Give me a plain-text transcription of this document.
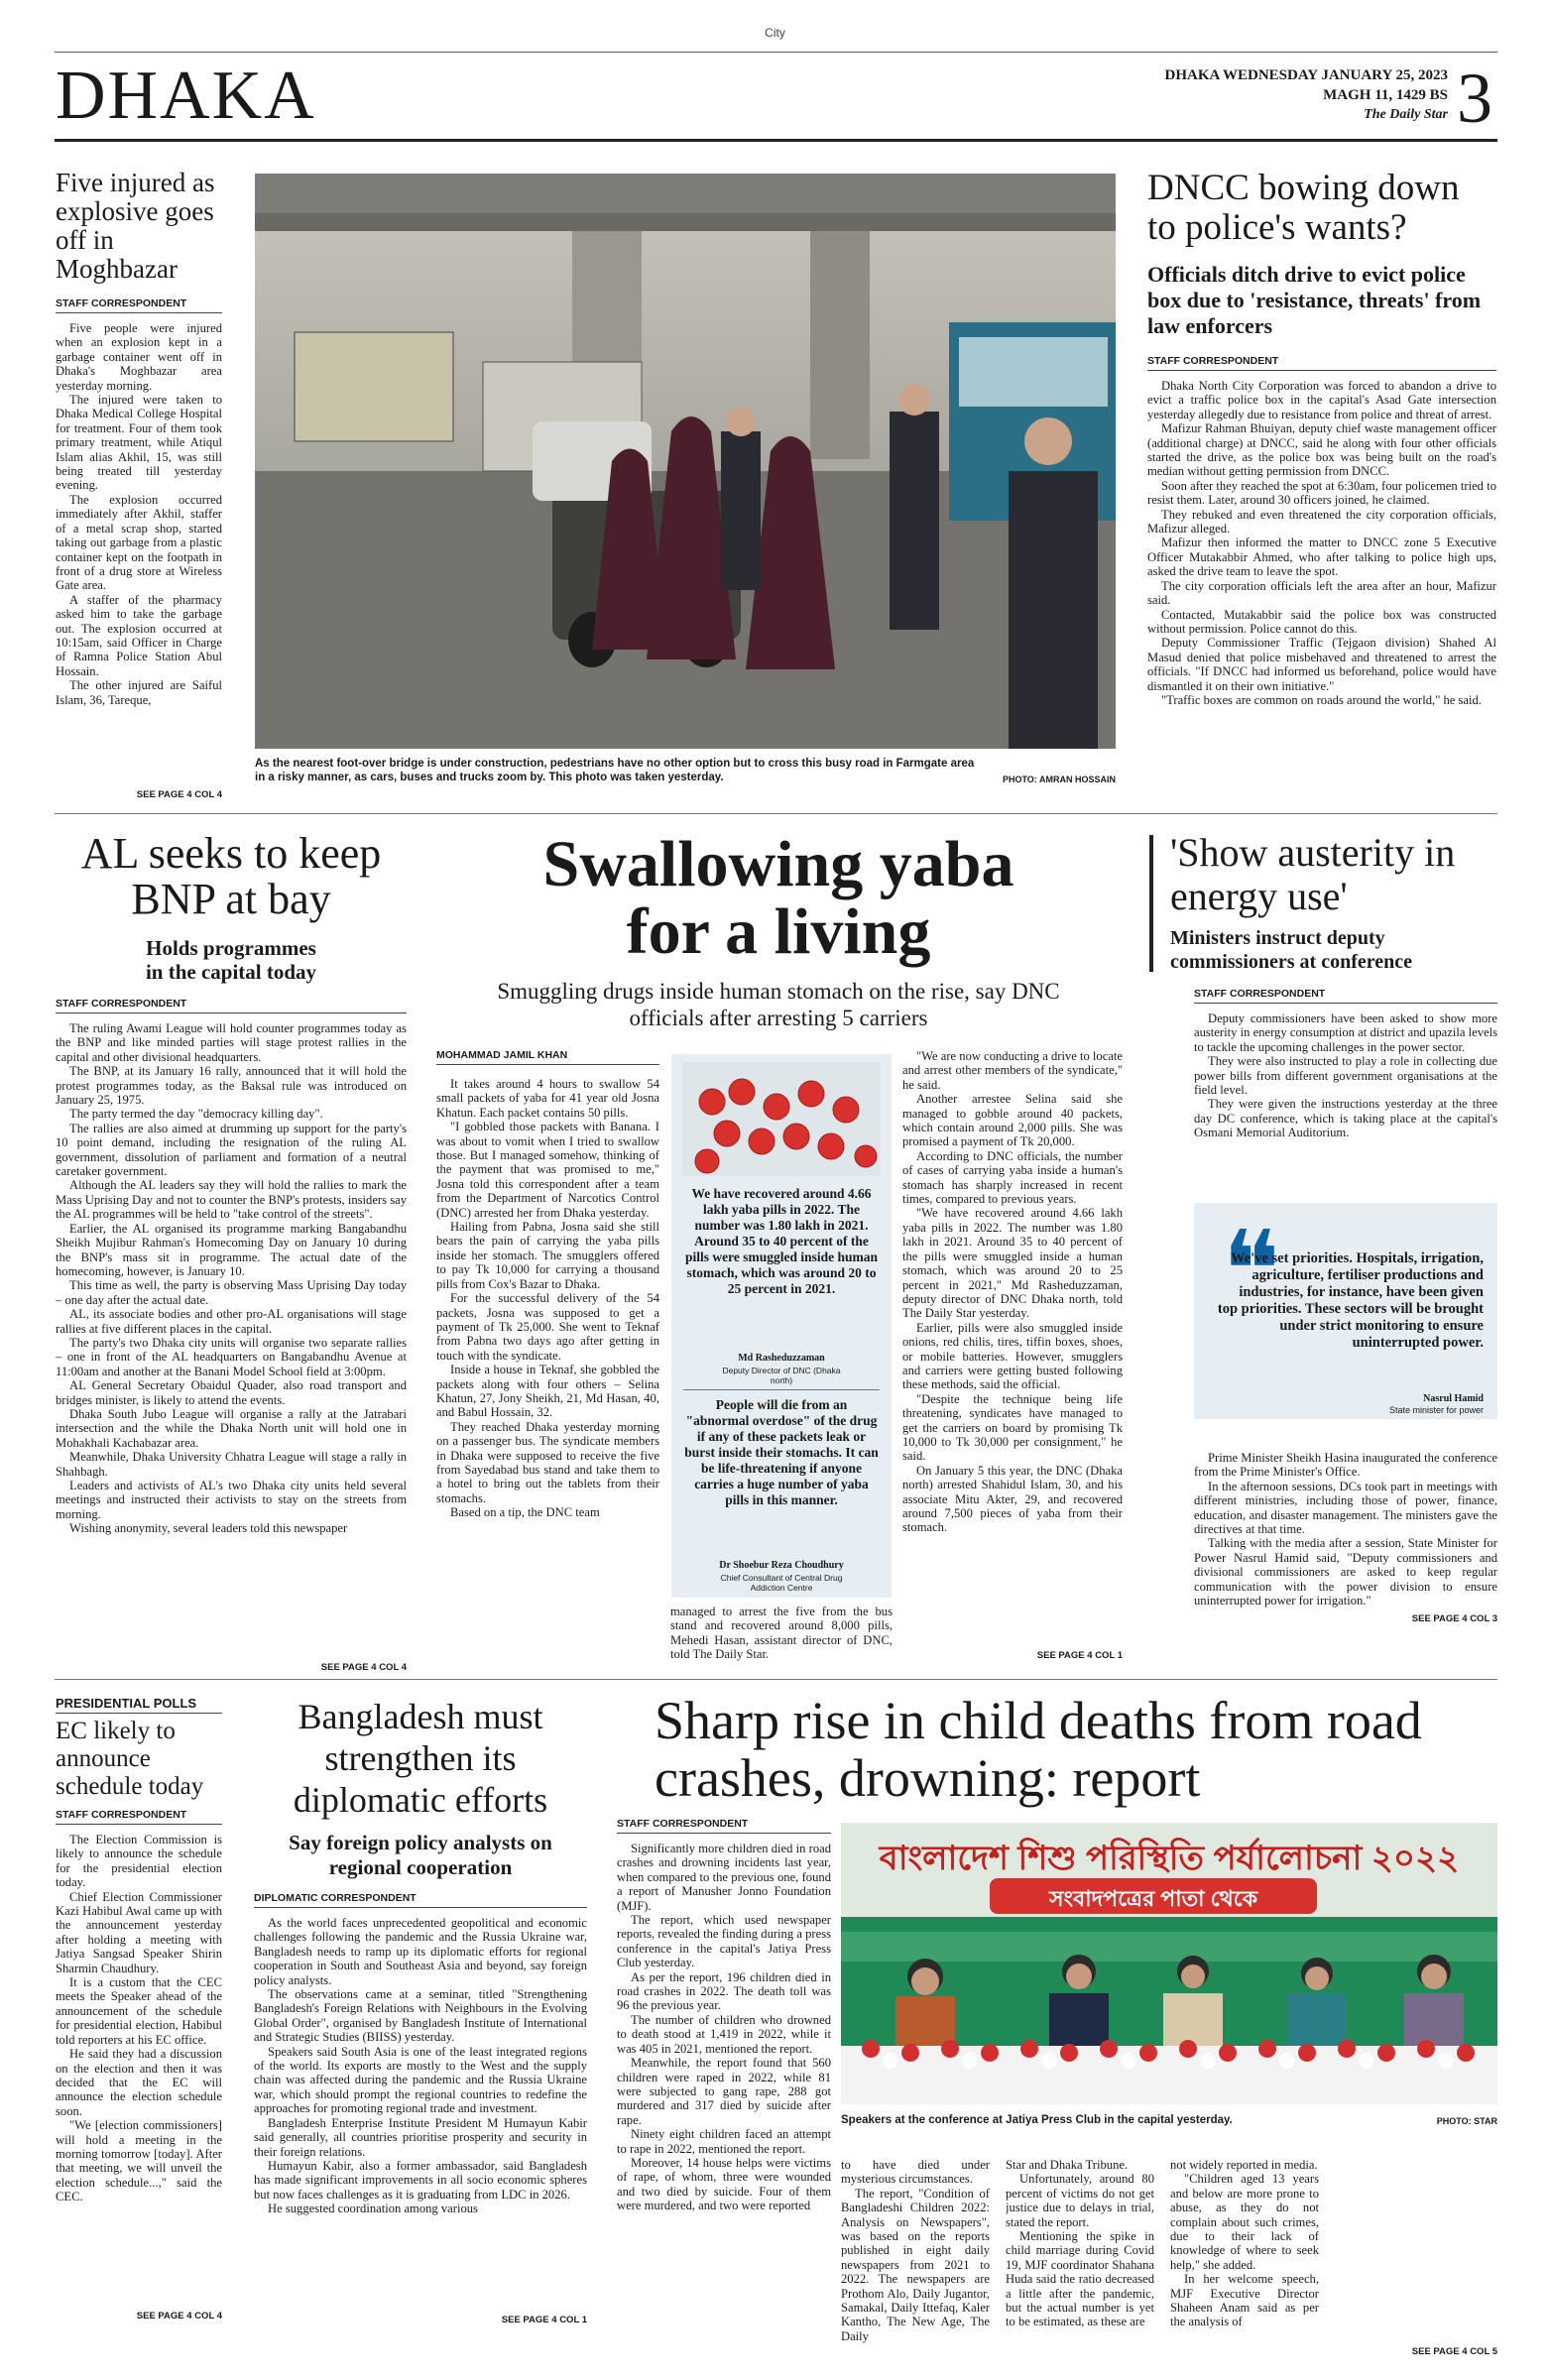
City
DHAKA	DHAKA WEDNESDAY JANUARY 25, 2023
MAGH 11, 1429 BS
The Daily Star 3
Five injured as explosive goes off in Moghbazar
STAFF CORRESPONDENT

Five people were injured when an explosion kept in a garbage container went off in Dhaka's Moghbazar area yesterday morning.

The injured were taken to Dhaka Medical College Hospital for treatment. Four of them took primary treatment, while Atiqul Islam alias Akhil, 15, was still being treated till yesterday evening.

The explosion occurred immediately after Akhil, staffer of a metal scrap shop, started taking out garbage from a plastic container kept on the footpath in front of a drug store at Wireless Gate area.

A staffer of the pharmacy asked him to take the garbage out. The explosion occurred at 10:15am, said Officer in Charge of Ramna Police Station Abul Hossain.

The other injured are Saiful Islam, 36, Tareque,

SEE PAGE 4 COL 4
As the nearest foot-over bridge is under construction, pedestrians have no other option but to cross this busy road in Farmgate area in a risky manner, as cars, buses and trucks zoom by. This photo was taken yesterday.	PHOTO: AMRAN HOSSAIN
DNCC bowing down to police's wants?
Officials ditch drive to evict police box due to 'resistance, threats' from law enforcers
STAFF CORRESPONDENT

Dhaka North City Corporation was forced to abandon a drive to evict a traffic police box in the capital's Asad Gate intersection yesterday allegedly due to resistance from police and threat of arrest.

Mafizur Rahman Bhuiyan, deputy chief waste management officer (additional charge) at DNCC, said he along with four other officials started the drive, as the police box was being built on the road's median without getting permission from DNCC.

Soon after they reached the spot at 6:30am, four policemen tried to resist them. Later, around 30 officers joined, he claimed.

They rebuked and even threatened the city corporation officials, Mafizur alleged.

Mafizur then informed the matter to DNCC zone 5 Executive Officer Mutakabbir Ahmed, who after talking to police high ups, asked the drive team to leave the spot.

The city corporation officials left the area after an hour, Mafizur said.

Contacted, Mutakabbir said the police box was constructed without permission. Police cannot do this.

Deputy Commissioner Traffic (Tejgaon division) Shahed Al Masud denied that police misbehaved and threatened to arrest the officials. "If DNCC had informed us beforehand, police would have dismantled it on their own initiative."

"Traffic boxes are common on roads around the world," he said.

AL seeks to keep BNP at bay
Holds programmes in the capital today
STAFF CORRESPONDENT

The ruling Awami League will hold counter programmes today as the BNP and like minded parties will stage protest rallies in the capital and other divisional headquarters.

The BNP, at its January 16 rally, announced that it will hold the protest programmes today, as the Baksal rule was introduced on January 25, 1975.

The party termed the day "democracy killing day".

The rallies are also aimed at drumming up support for the party's 10 point demand, including the resignation of the ruling AL government, dissolution of parliament and formation of a neutral caretaker government.

Although the AL leaders say they will hold the rallies to mark the Mass Uprising Day and not to counter the BNP's protests, insiders say the AL programmes will be held to "take control of the streets".

Earlier, the AL organised its programme marking Bangabandhu Sheikh Mujibur Rahman's Homecoming Day on January 10 during the BNP's mass sit in programme. The actual date of the homecoming, however, is January 10.

This time as well, the party is observing Mass Uprising Day today – one day after the actual date.

AL, its associate bodies and other pro-AL organisations will stage rallies at five different places in the capital.

The party's two Dhaka city units will organise two separate rallies – one in front of the AL headquarters on Bangabandhu Avenue at 11:00am and another at the Banani Model School field at 3:00pm.

AL General Secretary Obaidul Quader, also road transport and bridges minister, is likely to attend the events.

Dhaka South Jubo League will organise a rally at the Jatrabari intersection and the while the Dhaka North unit will hold one in Mohakhali Kachabazar area.

Meanwhile, Dhaka University Chhatra League will stage a rally in Shahbagh.

Leaders and activists of AL's two Dhaka city units held several meetings and instructed their activists to stay on the streets from morning.

Wishing anonymity, several leaders told this newspaper

SEE PAGE 4 COL 4
Swallowing yaba
for a living
Smuggling drugs inside human stomach on the rise, say DNC officials after arresting 5 carriers
MOHAMMAD JAMIL KHAN

It takes around 4 hours to swallow 54 small packets of yaba for 41 year old Josna Khatun. Each packet contains 50 pills.

"I gobbled those packets with Banana. I was about to vomit when I tried to swallow those. But I managed somehow, thinking of the payment that was promised to me," Josna told this correspondent after a team from the Department of Narcotics Control (DNC) arrested her from Dhaka yesterday.

Hailing from Pabna, Josna said she still bears the pain of carrying the yaba pills inside her stomach. The smugglers offered to pay Tk 10,000 for carrying a thousand pills from Cox's Bazar to Dhaka.

For the successful delivery of the 54 packets, Josna was supposed to get a payment of Tk 25,000. She went to Teknaf from Pabna two days ago after getting in touch with the syndicate.

Inside a house in Teknaf, she gobbled the packets along with four others – Selina Khatun, 27, Jony Sheikh, 21, Md Hasan, 40, and Babul Hossain, 32.

They reached Dhaka yesterday morning on a passenger bus. The syndicate members in Dhaka were supposed to receive the five from Sayedabad bus stand and take them to a hotel to bring out the tablets from their stomachs.

Based on a tip, the DNC team

We have recovered around 4.66 lakh yaba pills in 2022. The number was 1.80 lakh in 2021. Around 35 to 40 percent of the pills were smuggled inside human stomach, which was around 20 to 25 percent in 2021.
Md Rasheduzzaman
Deputy Director of DNC (Dhaka north)
People will die from an "abnormal overdose" of the drug if any of these packets leak or burst inside their stomachs. It can be life-threatening if anyone carries a huge number of yaba pills in this manner.
Dr Shoebur Reza Choudhury
Chief Consultant of Central Drug Addiction Centre
managed to arrest the five from the bus stand and recovered around 8,000 pills, Mehedi Hasan, assistant director of DNC, told The Daily Star.

"We are now conducting a drive to locate and arrest other members of the syndicate," he said.

Another arrestee Selina said she managed to gobble around 40 packets, which contain around 2,000 pills. She was promised a payment of Tk 20,000.

According to DNC officials, the number of cases of carrying yaba inside a human's stomach has sharply increased in recent times, compared to previous years.

"We have recovered around 4.66 lakh yaba pills in 2022. The number was 1.80 lakh in 2021. Around 35 to 40 percent of the pills were smuggled inside a human stomach, which was around 20 to 25 percent in 2021," Md Rasheduzzaman, deputy director of DNC Dhaka north, told The Daily Star yesterday.

Earlier, pills were also smuggled inside onions, red chilis, tires, tiffin boxes, shoes, or mobile batteries. However, smugglers and carriers were getting busted following these methods, said the official.

"Despite the technique being life threatening, syndicates have managed to get the carriers on board by promising Tk 10,000 to Tk 30,000 per consignment," he said.

On January 5 this year, the DNC (Dhaka north) arrested Shahidul Islam, 30, and his associate Mitu Akter, 29, and recovered around 7,500 pieces of yaba from their stomach.

SEE PAGE 4 COL 1
'Show austerity in energy use'
Ministers instruct deputy commissioners at conference
STAFF CORRESPONDENT

Deputy commissioners have been asked to show more austerity in energy consumption at district and upazila levels to tackle the upcoming challenges in the power sector.

They were also instructed to play a role in collecting due power bills from different government organisations at the field level.

They were given the instructions yesterday at the three day DC conference, which is taking place at the capital's Osmani Memorial Auditorium.

❝
We've set priorities. Hospitals, irrigation, agriculture, fertiliser productions and industries, for instance, have been given top priorities. These sectors will be brought under strict monitoring to ensure uninterrupted power.
Nasrul Hamid
State minister for power

Prime Minister Sheikh Hasina inaugurated the conference from the Prime Minister's Office.

In the afternoon sessions, DCs took part in meetings with different ministries, including those of power, finance, education, and disaster management. The ministers gave the directives at that time.

Talking with the media after a session, State Minister for Power Nasrul Hamid said, "Deputy commissioners and divisional commissioners are asked to keep regular communication with the power division to ensure uninterrupted power for irrigation."

SEE PAGE 4 COL 3
PRESIDENTIAL POLLS
EC likely to announce schedule today
STAFF CORRESPONDENT

The Election Commission is likely to announce the schedule for the presidential election today.

Chief Election Commissioner Kazi Habibul Awal came up with the announcement yesterday after holding a meeting with Jatiya Sangsad Speaker Shirin Sharmin Chaudhury.

It is a custom that the CEC meets the Speaker ahead of the announcement of the schedule for presidential election, Habibul told reporters at his EC office.

He said they had a discussion on the election and then it was decided that the EC will announce the election schedule soon.

"We [election commissioners] will hold a meeting in the morning tomorrow [today]. After that meeting, we will unveil the election schedule...," said the CEC.

SEE PAGE 4 COL 4
Bangladesh must strengthen its diplomatic efforts
Say foreign policy analysts on regional cooperation
DIPLOMATIC CORRESPONDENT

As the world faces unprecedented geopolitical and economic challenges following the pandemic and the Russia Ukraine war, Bangladesh needs to ramp up its diplomatic efforts for regional cooperation in South and Southeast Asia and beyond, say foreign policy analysts.

The observations came at a seminar, titled "Strengthening Bangladesh's Foreign Relations with Neighbours in the Evolving Global Order", organised by Bangladesh Institute of International and Strategic Studies (BIISS) yesterday.

Speakers said South Asia is one of the least integrated regions of the world. Its exports are mostly to the West and the supply chain was affected during the pandemic and the Russia Ukraine war, which should prompt the regional countries to redefine the approaches for promoting regional trade and investment.

Bangladesh Enterprise Institute President M Humayun Kabir said generally, all countries prioritise prosperity and security in their foreign relations.

Humayun Kabir, also a former ambassador, said Bangladesh has made significant improvements in all socio economic spheres but now faces challenges as it is graduating from LDC in 2026.

He suggested coordination among various

SEE PAGE 4 COL 1
Sharp rise in child deaths from road crashes, drowning: report
STAFF CORRESPONDENT

Significantly more children died in road crashes and drowning incidents last year, when compared to the previous one, found a report of Manusher Jonno Foundation (MJF).

The report, which used newspaper reports, revealed the finding during a press conference in the capital's Jatiya Press Club yesterday.

As per the report, 196 children died in road crashes in 2022. The death toll was 96 the previous year.

The number of children who drowned to death stood at 1,419 in 2022, while it was 405 in 2021, mentioned the report.

Meanwhile, the report found that 560 children were raped in 2022, while 81 were subjected to gang rape, 288 got murdered and 317 died by suicide after rape.

Ninety eight children faced an attempt to rape in 2022, mentioned the report.

Moreover, 14 house helps were victims of rape, of whom, three were wounded and two died by suicide. Four of them were murdered, and two were reported

বাংলাদেশ শিশু পরিস্থিতি পর্যালোচনা ২০২২
সংবাদপত্রের পাতা থেকে
Speakers at the conference at Jatiya Press Club in the capital yesterday.	PHOTO: STAR

to have died under mysterious circumstances.

The report, "Condition of Bangladeshi Children 2022: Analysis on Newspapers", was based on the reports published in eight daily newspapers from 2021 to 2022. The newspapers are Prothom Alo, Daily Jugantor, Samakal, Daily Ittefaq, Kaler Kantho, The New Age, The Daily

Star and Dhaka Tribune.

Unfortunately, around 80 percent of victims do not get justice due to delays in trial, stated the report.

Mentioning the spike in child marriage during Covid 19, MJF coordinator Shahana Huda said the ratio decreased a little after the pandemic, but the actual number is yet to be estimated, as these are

not widely reported in media.

"Children aged 13 years and below are more prone to abuse, as they do not complain about such crimes, due to their lack of knowledge of where to seek help," she added.

In her welcome speech, MJF Executive Director Shaheen Anam said as per the analysis of

SEE PAGE 4 COL 5
